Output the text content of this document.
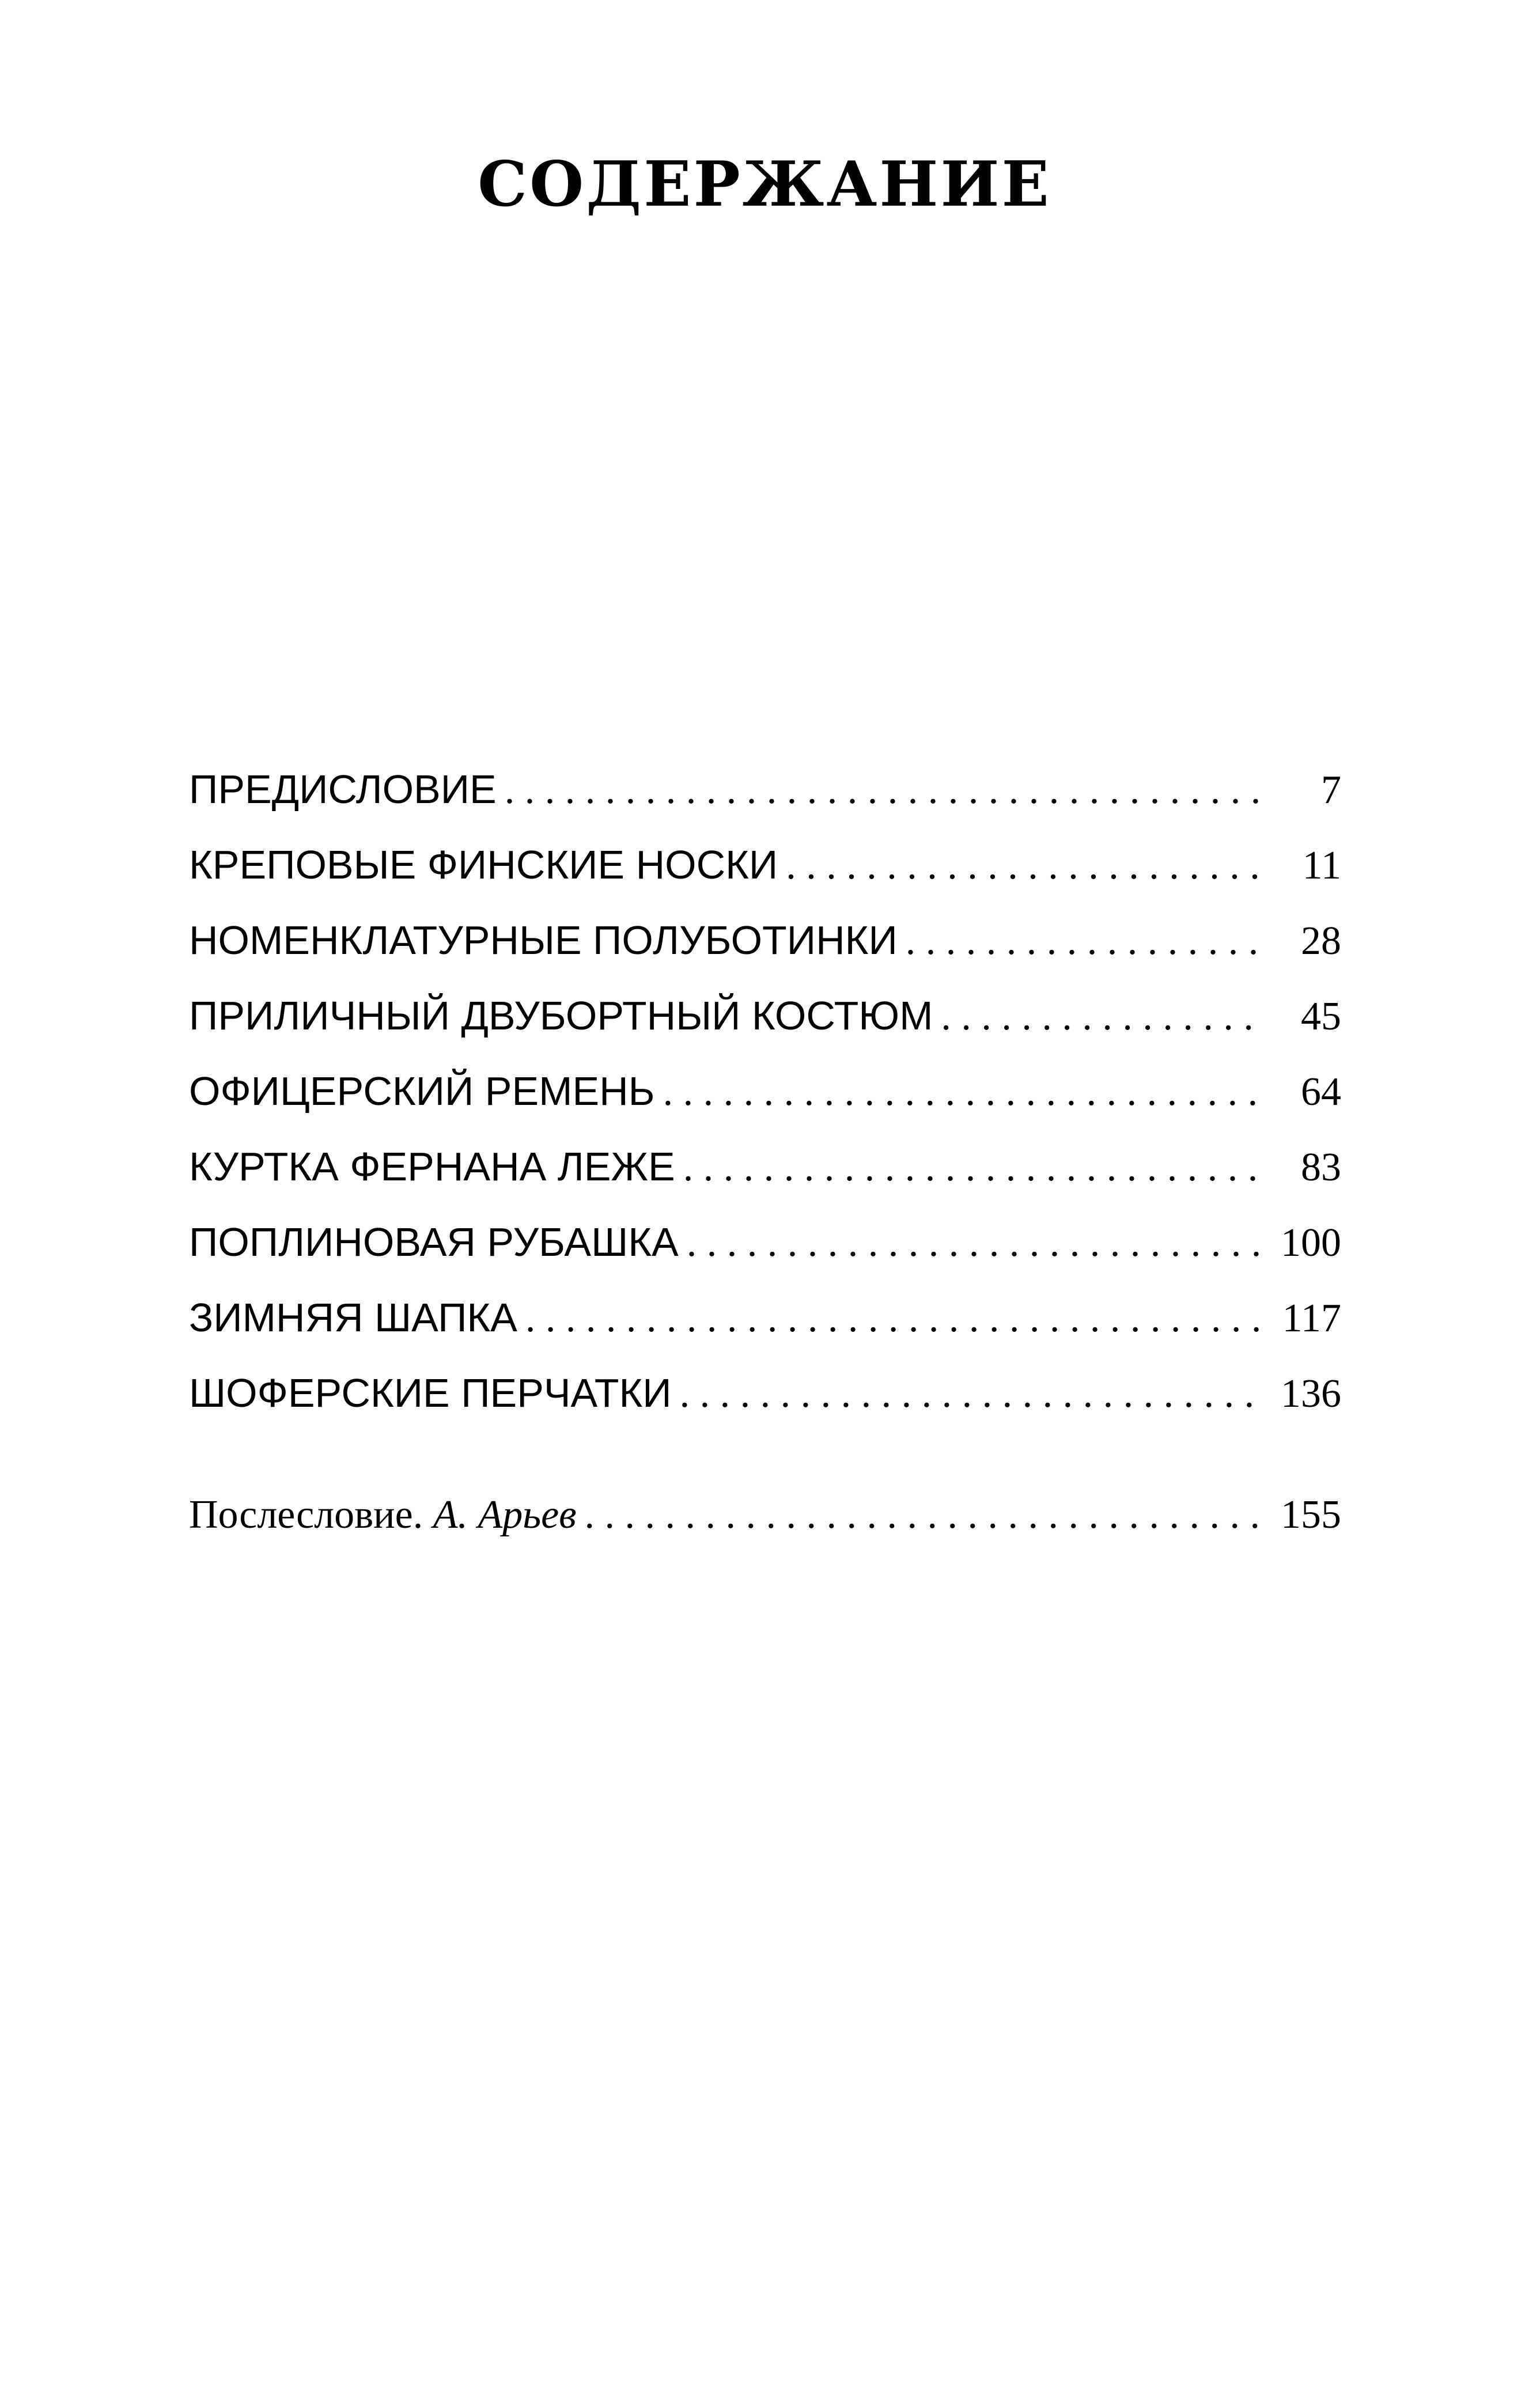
СОДЕРЖАНИЕ
ПРЕДИСЛОВИЕ . . .	7
КРЕПОВЫЕ ФИНСКИЕ НОСКИ . . .	11
НОМЕНКЛАТУРНЫЕ ПОЛУБОТИНКИ . . .	28
ПРИЛИЧНЫЙ ДВУБОРТНЫЙ КОСТЮМ . . .	45
ОФИЦЕРСКИЙ РЕМЕНЬ . . .	64
КУРТКА ФЕРНАНА ЛЕЖЕ . . .	83
ПОПЛИНОВАЯ РУБАШКА . . .	100
ЗИМНЯЯ ШАПКА . . .	117
ШОФЕРСКИЕ ПЕРЧАТКИ . . .	136
Послесловие. А. Арьев . . .	155
